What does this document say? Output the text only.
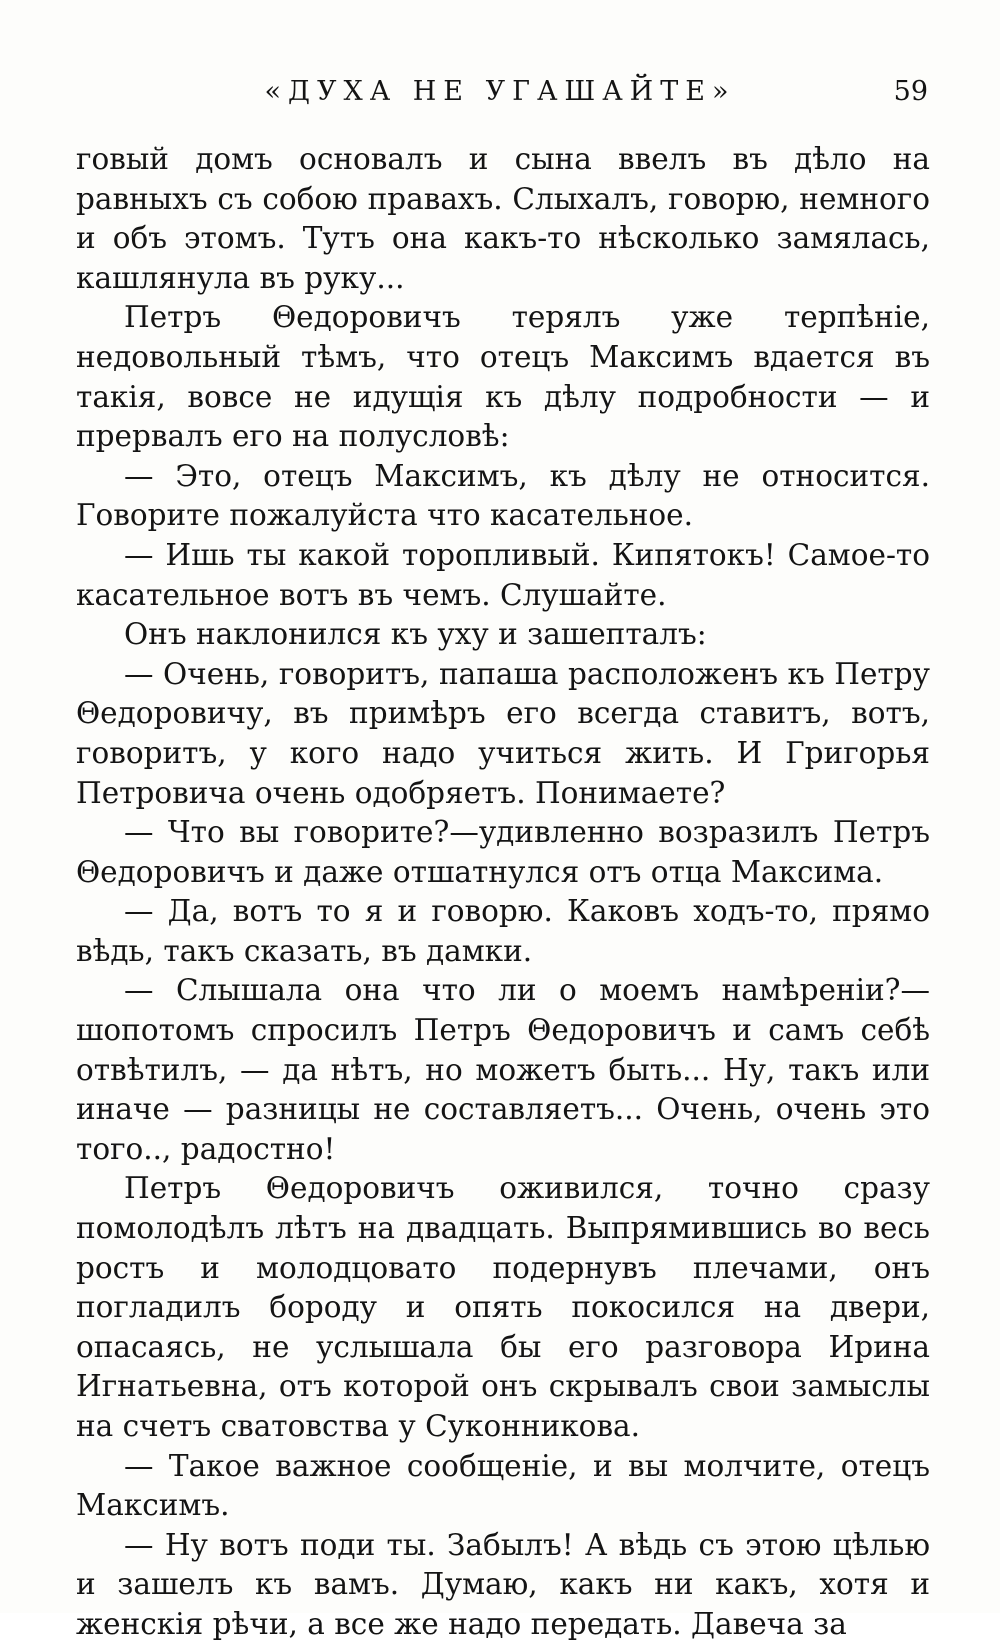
«ДУХА НЕ УГАШАЙТЕ»	59

говый домъ основалъ и сына ввелъ въ дѣло на равныхъ съ собою правахъ. Слыхалъ, говорю, немного и объ этомъ. Тутъ она какъ-то нѣсколько замялась, кашлянула въ руку...

Петръ Θедоровичъ терялъ уже терпѣніе, недовольный тѣмъ, что отецъ Максимъ вдается въ такія, вовсе не идущія къ дѣлу подробности — и прервалъ его на полусловѣ:

— Это, отецъ Максимъ, къ дѣлу не относится. Говорите пожалуйста что касательное.

— Ишь ты какой торопливый. Кипятокъ! Самое-то касательное вотъ въ чемъ. Слушайте.

Онъ наклонился къ уху и зашепталъ:

— Очень, говоритъ, папаша расположенъ къ Петру Θедоровичу, въ примѣръ его всегда ставитъ, вотъ, говоритъ, у кого надо учиться жить. И Григорья Петровича очень одобряетъ. Понимаете?

— Что вы говорите?—удивленно возразилъ Петръ Θедоровичъ и даже отшатнулся отъ отца Максима.

— Да, вотъ то я и говорю. Каковъ ходъ-то, прямо вѣдь, такъ сказать, въ дамки.

— Слышала она что ли о моемъ намѣреніи?—шопотомъ спросилъ Петръ Θедоровичъ и самъ себѣ отвѣтилъ, — да нѣтъ, но можетъ быть... Ну, такъ или иначе — разницы не составляетъ... Очень, очень это того.., радостно!

Петръ Θедоровичъ оживился, точно сразу помолодѣлъ лѣтъ на двадцать. Выпрямившись во весь ростъ и молодцовато подернувъ плечами, онъ погладилъ бороду и опять покосился на двери, опасаясь, не услышала бы его разговора Ирина Игнатьевна, отъ которой онъ скрывалъ свои замыслы на счетъ сватовства у Суконникова.

— Такое важное сообщеніе, и вы молчите, отецъ Максимъ.

— Ну вотъ поди ты. Забылъ! А вѣдь съ этою цѣлью и зашелъ къ вамъ. Думаю, какъ ни какъ, хотя и женскія рѣчи, а все же надо передать. Давеча за
